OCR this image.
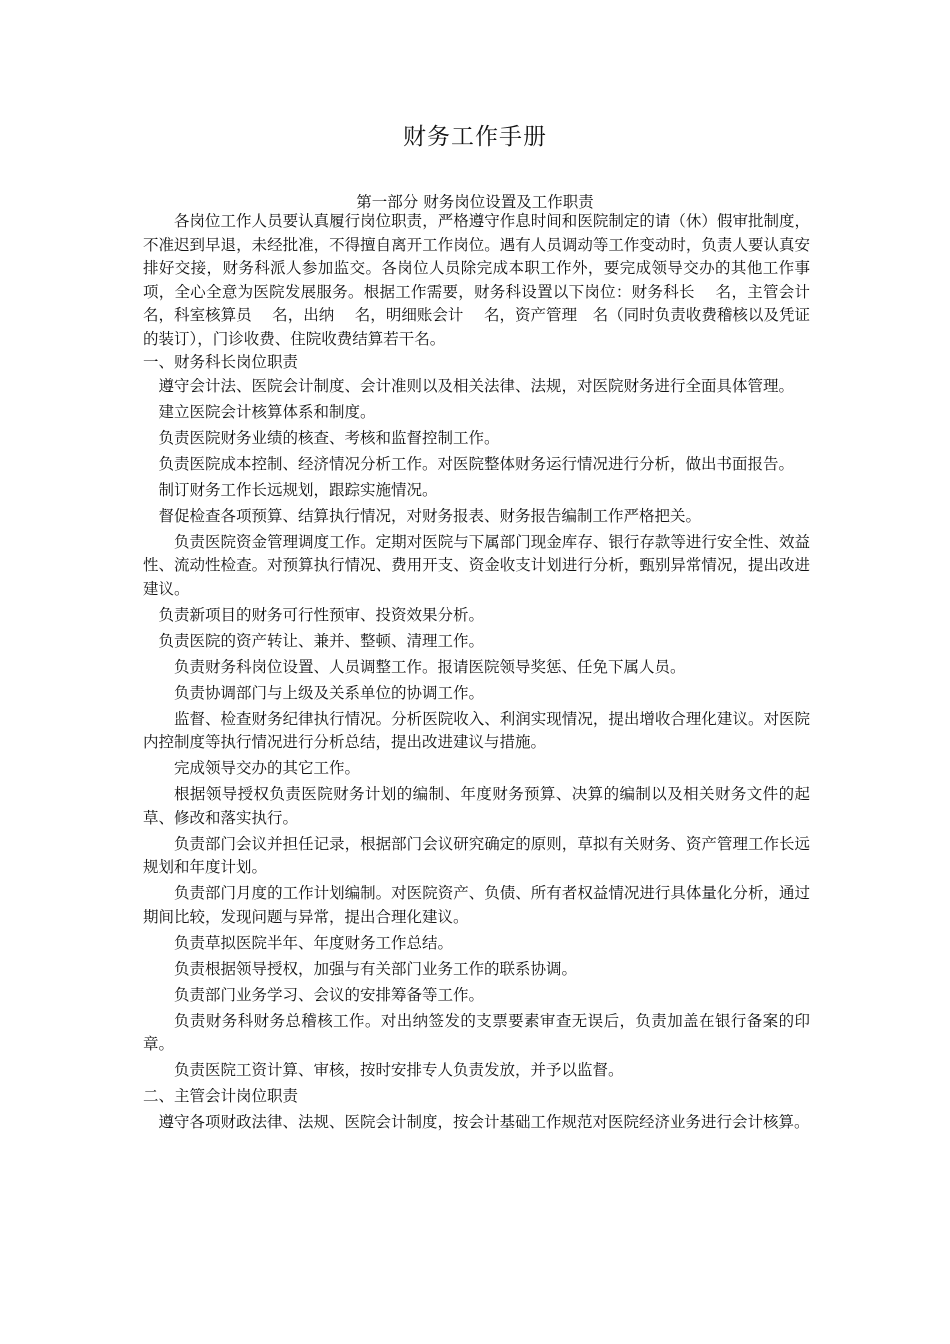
财务工作手册
第一部分 财务岗位设置及工作职责

各岗位工作人员要认真履行岗位职责，严格遵守作息时间和医院制定的请（休）假审批制度，不准迟到早退，未经批准，不得擅自离开工作岗位。遇有人员调动等工作变动时，负责人要认真安排好交接，财务科派人参加监交。各岗位人员除完成本职工作外，要完成领导交办的其他工作事项，全心全意为医院发展服务。根据工作需要，财务科设置以下岗位：财务科长　 名，主管会计　 名，科室核算员　 名，出纳　 名，明细账会计　 名，资产管理　名（同时负责收费稽核以及凭证的装订），门诊收费、住院收费结算若干名。

一、财务科长岗位职责

遵守会计法、医院会计制度、会计准则以及相关法律、法规，对医院财务进行全面具体管理。

建立医院会计核算体系和制度。

负责医院财务业绩的核查、考核和监督控制工作。

负责医院成本控制、经济情况分析工作。对医院整体财务运行情况进行分析，做出书面报告。

制订财务工作长远规划，跟踪实施情况。

督促检查各项预算、结算执行情况，对财务报表、财务报告编制工作严格把关。

负责医院资金管理调度工作。定期对医院与下属部门现金库存、银行存款等进行安全性、效益性、流动性检查。对预算执行情况、费用开支、资金收支计划进行分析，甄别异常情况，提出改进建议。

负责新项目的财务可行性预审、投资效果分析。

负责医院的资产转让、兼并、整顿、清理工作。

负责财务科岗位设置、人员调整工作。报请医院领导奖惩、任免下属人员。

负责协调部门与上级及关系单位的协调工作。

监督、检查财务纪律执行情况。分析医院收入、利润实现情况，提出增收合理化建议。对医院内控制度等执行情况进行分析总结，提出改进建议与措施。

完成领导交办的其它工作。

根据领导授权负责医院财务计划的编制、年度财务预算、决算的编制以及相关财务文件的起草、修改和落实执行。

负责部门会议并担任记录，根据部门会议研究确定的原则，草拟有关财务、资产管理工作长远规划和年度计划。

负责部门月度的工作计划编制。对医院资产、负债、所有者权益情况进行具体量化分析，通过期间比较，发现问题与异常，提出合理化建议。

负责草拟医院半年、年度财务工作总结。

负责根据领导授权，加强与有关部门业务工作的联系协调。

负责部门业务学习、会议的安排筹备等工作。

负责财务科财务总稽核工作。对出纳签发的支票要素审查无误后，负责加盖在银行备案的印章。

负责医院工资计算、审核，按时安排专人负责发放，并予以监督。

二、主管会计岗位职责

遵守各项财政法律、法规、医院会计制度，按会计基础工作规范对医院经济业务进行会计核算。
